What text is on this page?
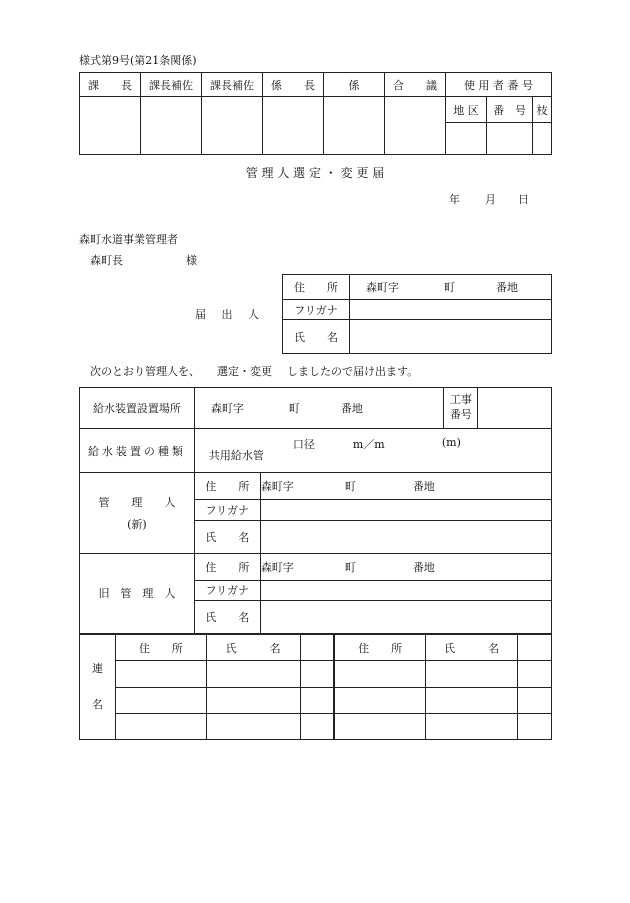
様式第9号(第21条関係)
課　　長	課長補佐	課長補佐	係　　長	係	合　　議	使 用 者 番 号		
						地 区	番　号	枝

管 理 人 選 定 ・ 変 更 届
年 月 日
森町水道事業管理者
森町長	様
届 出 人
住　　所	森町字 町 番地
フリガナ	
氏　　名	
次のとおり管理人を、 選定・変更 しましたので届け出ます。
給水装置設置場所	森町字 町 番地
工事
番号		

給水装置の種類	共用給水管
口径 m／m (m)		

管　　理　　人
(新)	住　　所	森町字 町 番地	
	フリガナ		
	氏　　名		
旧　管　理　人	住　　所	森町字 町 番地	
	フリガナ		
	氏　　名		
連
名	住　　所	氏　　　名		住　　所	氏　　　名	
